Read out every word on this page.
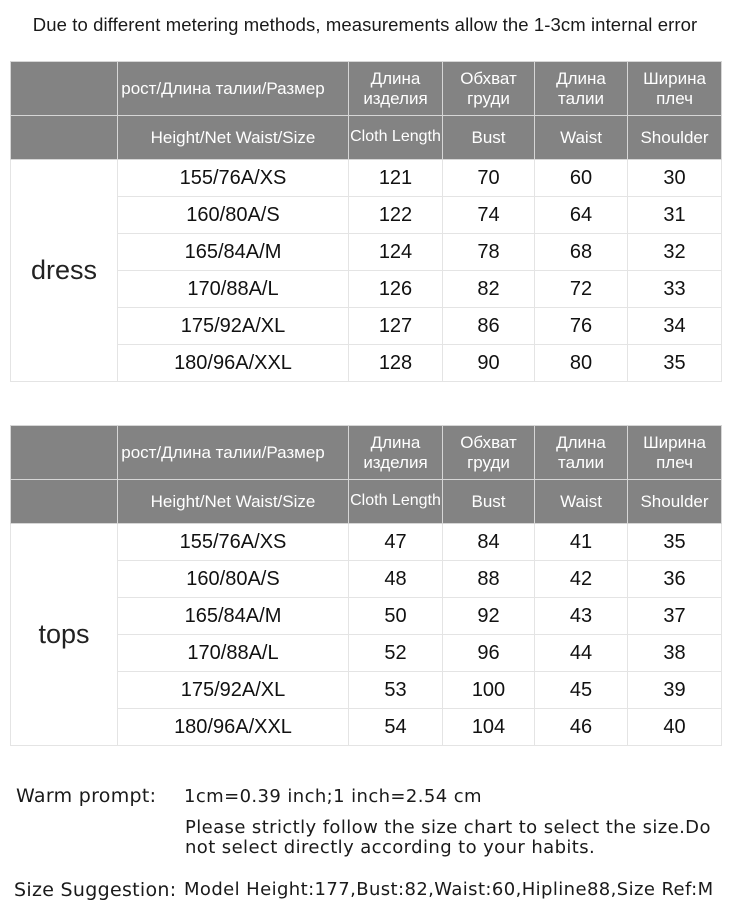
Due to different metering methods, measurements allow the 1-3cm internal error
	рост/Длина талии/Размер	Длина изделия	Обхват груди	Длина талии	Ширина плеч
	Height/Net Waist/Size	Cloth Length	Bust	Waist	Shoulder
dress	155/76A/XS	121	70	60	30
	160/80A/S	122	74	64	31
	165/84A/M	124	78	68	32
	170/88A/L	126	82	72	33
	175/92A/XL	127	86	76	34
	180/96A/XXL	128	90	80	35
	рост/Длина талии/Размер	Длина изделия	Обхват груди	Длина талии	Ширина плеч
	Height/Net Waist/Size	Cloth Length	Bust	Waist	Shoulder
tops	155/76A/XS	47	84	41	35
	160/80A/S	48	88	42	36
	165/84A/M	50	92	43	37
	170/88A/L	52	96	44	38
	175/92A/XL	53	100	45	39
	180/96A/XXL	54	104	46	40
Warm prompt: 1cm=0.39 inch;1 inch=2.54 cm
Please strictly follow the size chart to select the size.Do not select directly according to your habits.
Size Suggestion: Model Height:177,Bust:82,Waist:60,Hipline88,Size Ref:M
